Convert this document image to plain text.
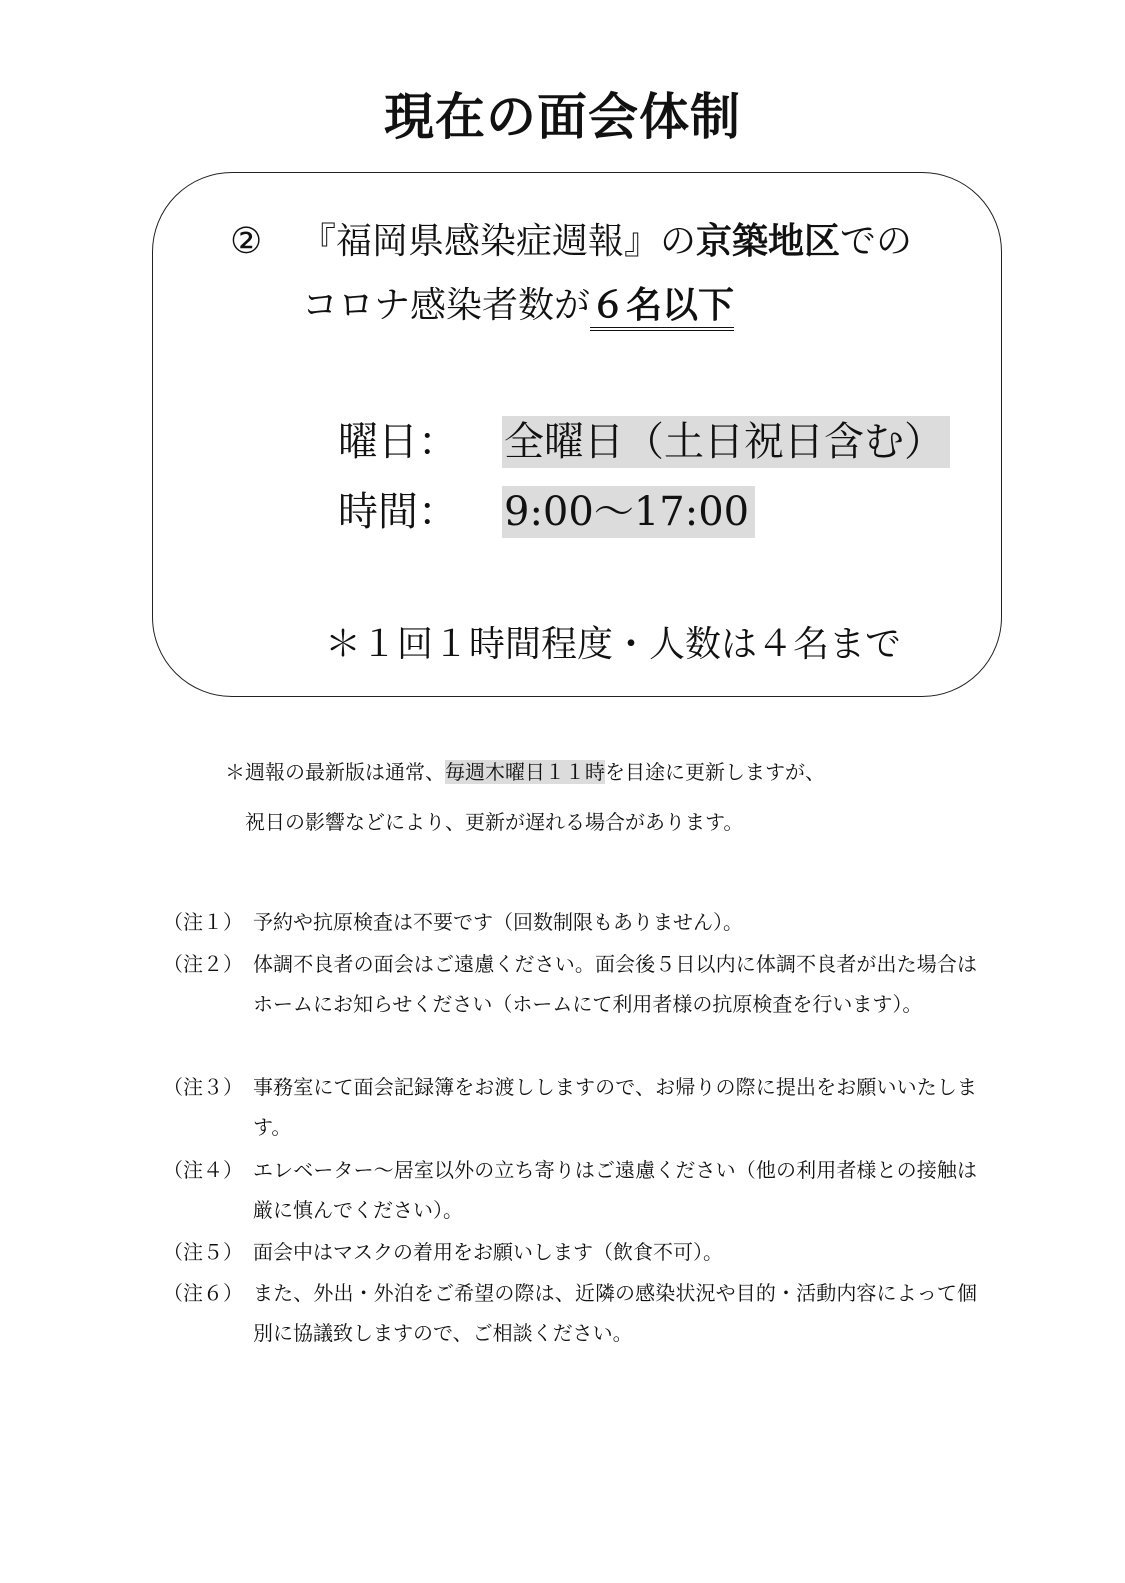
現在の面会体制
② 『福岡県感染症週報』の京築地区での
コロナ感染者数が６名以下
曜日： 全曜日（土日祝日含む）
時間： 9:00〜17:00
＊１回１時間程度・人数は４名まで
＊週報の最新版は通常、毎週木曜日１１時を目途に更新しますが、
祝日の影響などにより、更新が遅れる場合があります。
（注１） 予約や抗原検査は不要です（回数制限もありません）。
（注２） 体調不良者の面会はご遠慮ください。面会後５日以内に体調不良者が出た場合はホームにお知らせください（ホームにて利用者様の抗原検査を行います）。
（注３） 事務室にて面会記録簿をお渡ししますので、お帰りの際に提出をお願いいたします。
（注４） エレベーター〜居室以外の立ち寄りはご遠慮ください（他の利用者様との接触は厳に慎んでください）。
（注５） 面会中はマスクの着用をお願いします（飲食不可）。
（注６） また、外出・外泊をご希望の際は、近隣の感染状況や目的・活動内容によって個別に協議致しますので、ご相談ください。
